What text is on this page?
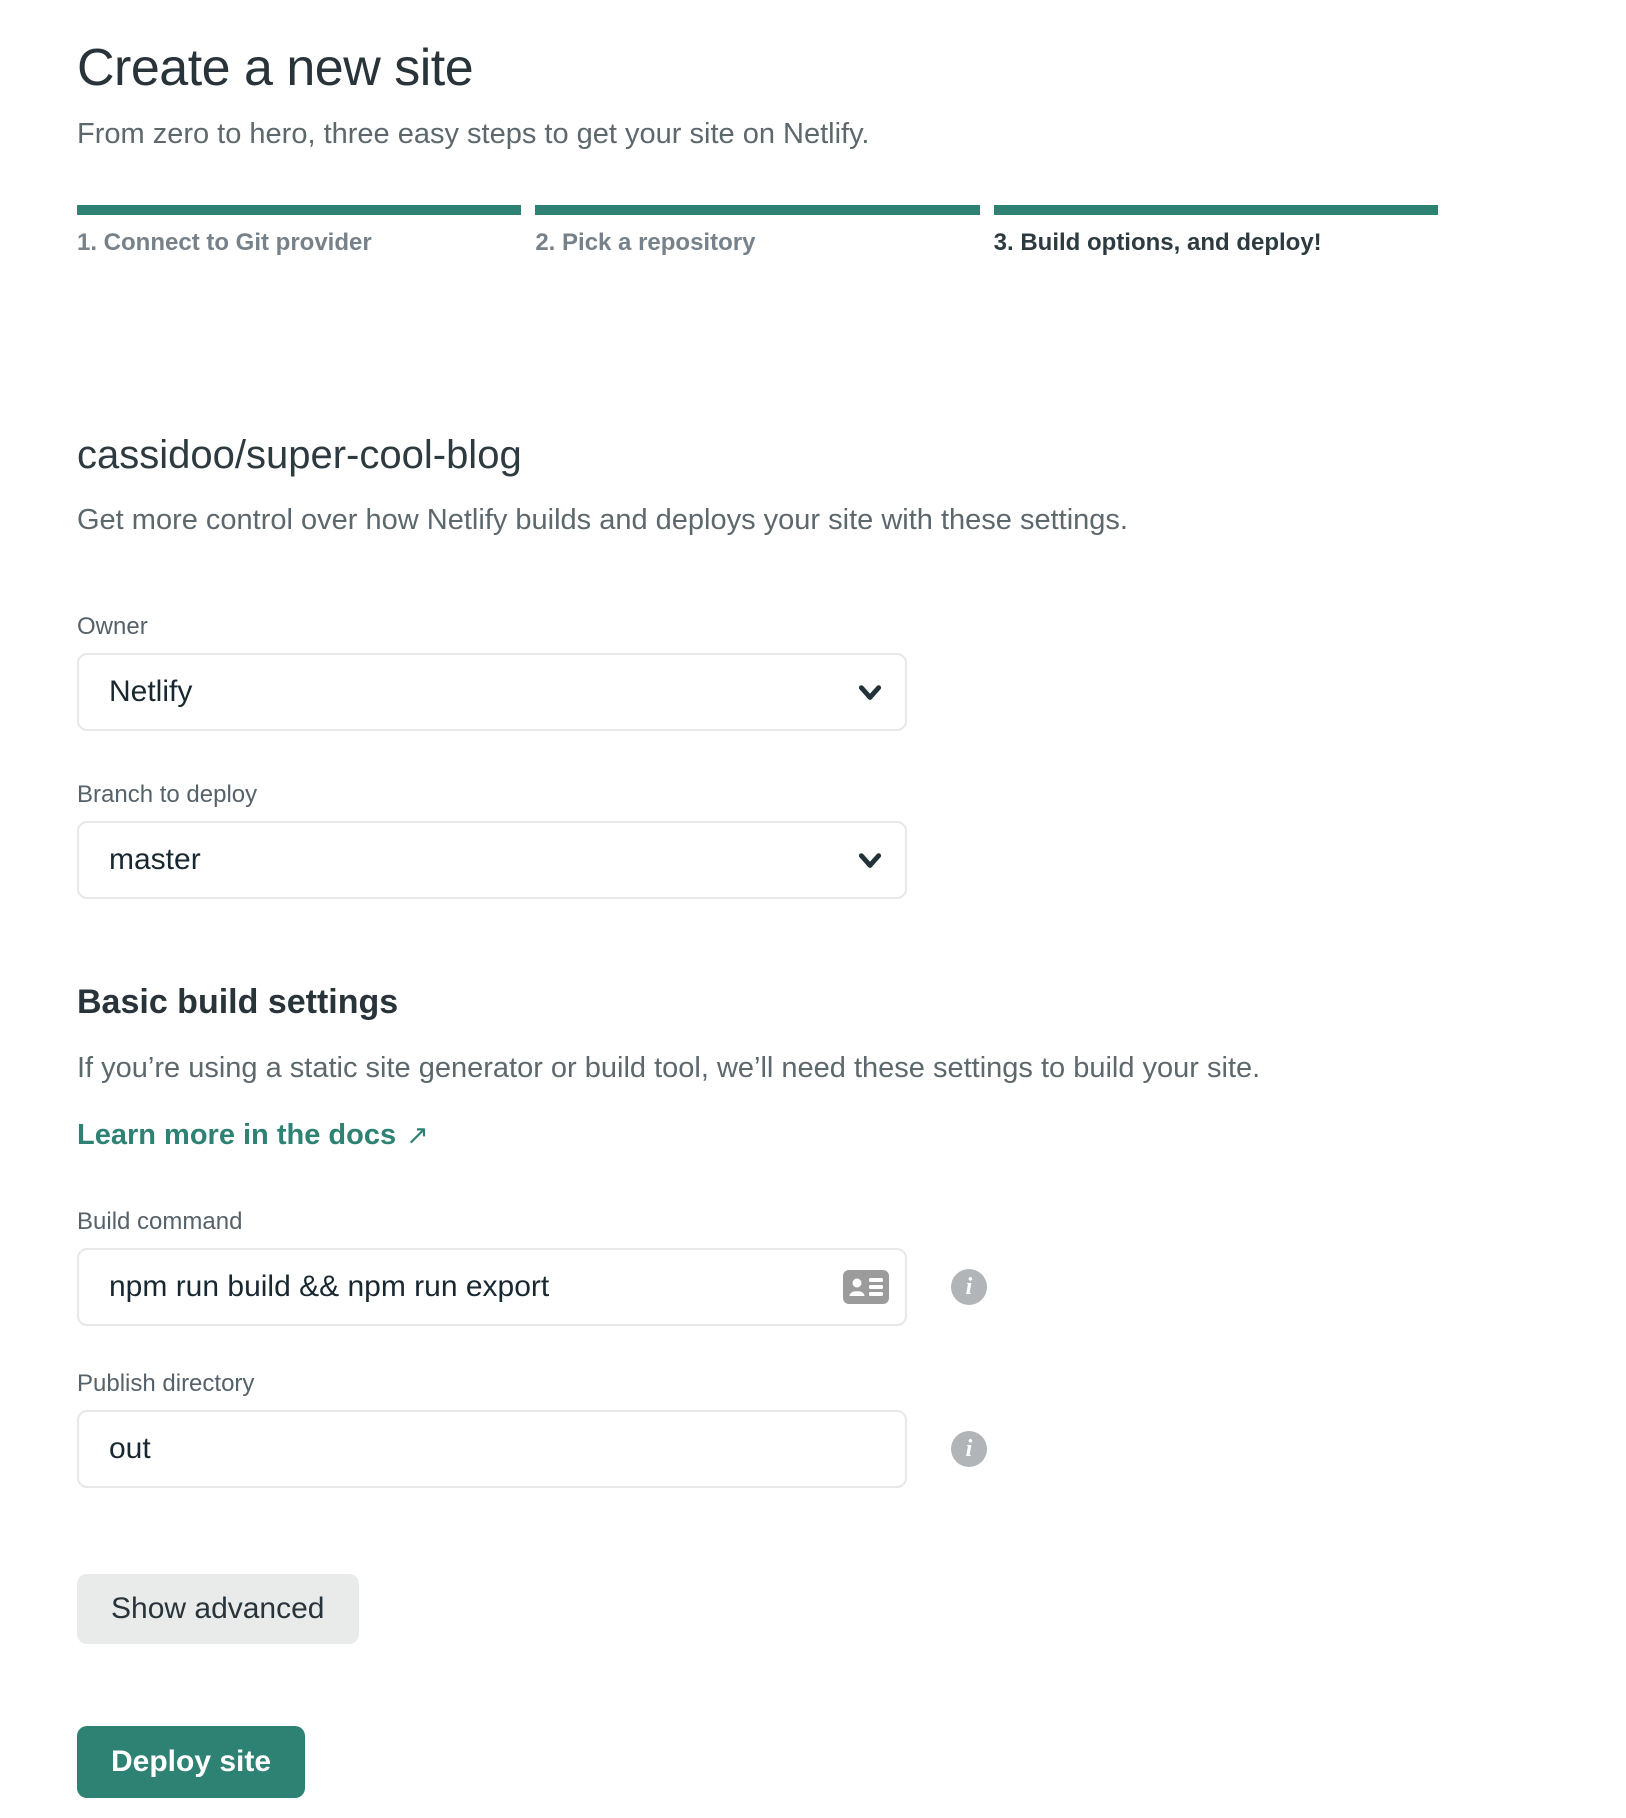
Create a new site

From zero to hero, three easy steps to get your site on Netlify.

1. Connect to Git provider	2. Pick a repository	3. Build options, and deploy!
cassidoo/super-cool-blog

Get more control over how Netlify builds and deploys your site with these settings.

Owner
Netlify
Branch to deploy
master
Basic build settings

If you’re using a static site generator or build tool, we’ll need these settings to build your site.

Learn more in the docs ↗
Build command
npm run build && npm run export
i
Publish directory
out
i
Show advanced
Deploy site
